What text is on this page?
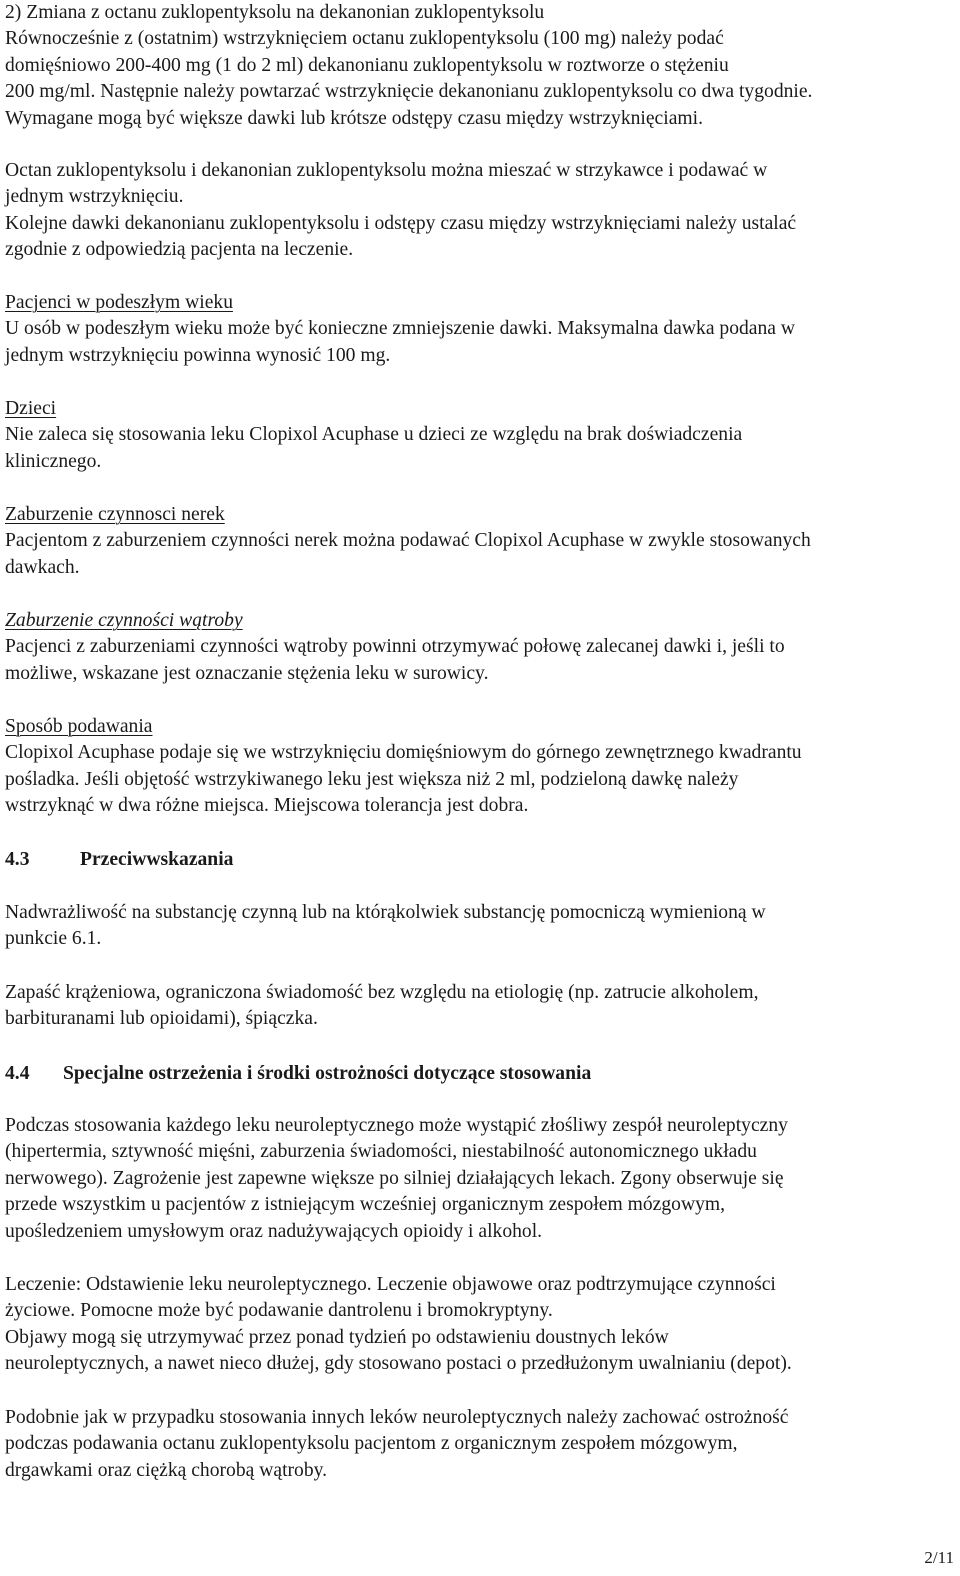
2) Zmiana z octanu zuklopentyksolu na dekanonian zuklopentyksolu
Równocześnie z (ostatnim) wstrzyknięciem octanu zuklopentyksolu (100 mg) należy podać
domięśniowo 200-400 mg (1 do 2 ml) dekanonianu zuklopentyksolu w roztworze o stężeniu
200 mg/ml. Następnie należy powtarzać wstrzyknięcie dekanonianu zuklopentyksolu co dwa tygodnie.
Wymagane mogą być większe dawki lub krótsze odstępy czasu między wstrzyknięciami.

Octan zuklopentyksolu i dekanonian zuklopentyksolu można mieszać w strzykawce i podawać w
jednym wstrzyknięciu.
Kolejne dawki dekanonianu zuklopentyksolu i odstępy czasu między wstrzyknięciami należy ustalać
zgodnie z odpowiedzią pacjenta na leczenie.

Pacjenci w podeszłym wieku
U osób w podeszłym wieku może być konieczne zmniejszenie dawki. Maksymalna dawka podana w
jednym wstrzyknięciu powinna wynosić 100 mg.

Dzieci
Nie zaleca się stosowania leku Clopixol Acuphase u dzieci ze względu na brak doświadczenia
klinicznego.

Zaburzenie czynnosci nerek
Pacjentom z zaburzeniem czynności nerek można podawać Clopixol Acuphase w zwykle stosowanych
dawkach.

Zaburzenie czynności wątroby
Pacjenci z zaburzeniami czynności wątroby powinni otrzymywać połowę zalecanej dawki i, jeśli to
możliwe, wskazane jest oznaczanie stężenia leku w surowicy.

Sposób podawania
Clopixol Acuphase podaje się we wstrzyknięciu domięśniowym do górnego zewnętrznego kwadrantu
pośladka. Jeśli objętość wstrzykiwanego leku jest większa niż 2 ml, podzieloną dawkę należy
wstrzyknąć w dwa różne miejsca. Miejscowa tolerancja jest dobra.

4.3	Przeciwwskazania

Nadwrażliwość na substancję czynną lub na którąkolwiek substancję pomocniczą wymienioną w
punkcie 6.1.

Zapaść krążeniowa, ograniczona świadomość bez względu na etiologię (np. zatrucie alkoholem,
barbituranami lub opioidami), śpiączka.

4.4 Specjalne ostrzeżenia i środki ostrożności dotyczące stosowania

Podczas stosowania każdego leku neuroleptycznego może wystąpić złośliwy zespół neuroleptyczny
(hipertermia, sztywność mięśni, zaburzenia świadomości, niestabilność autonomicznego układu
nerwowego). Zagrożenie jest zapewne większe po silniej działających lekach. Zgony obserwuje się
przede wszystkim u pacjentów z istniejącym wcześniej organicznym zespołem mózgowym,
upośledzeniem umysłowym oraz nadużywających opioidy i alkohol.

Leczenie: Odstawienie leku neuroleptycznego. Leczenie objawowe oraz podtrzymujące czynności
życiowe. Pomocne może być podawanie dantrolenu i bromokryptyny.
Objawy mogą się utrzymywać przez ponad tydzień po odstawieniu doustnych leków
neuroleptycznych, a nawet nieco dłużej, gdy stosowano postaci o przedłużonym uwalnianiu (depot).

Podobnie jak w przypadku stosowania innych leków neuroleptycznych należy zachować ostrożność
podczas podawania octanu zuklopentyksolu pacjentom z organicznym zespołem mózgowym,
drgawkami oraz ciężką chorobą wątroby.

2/11
